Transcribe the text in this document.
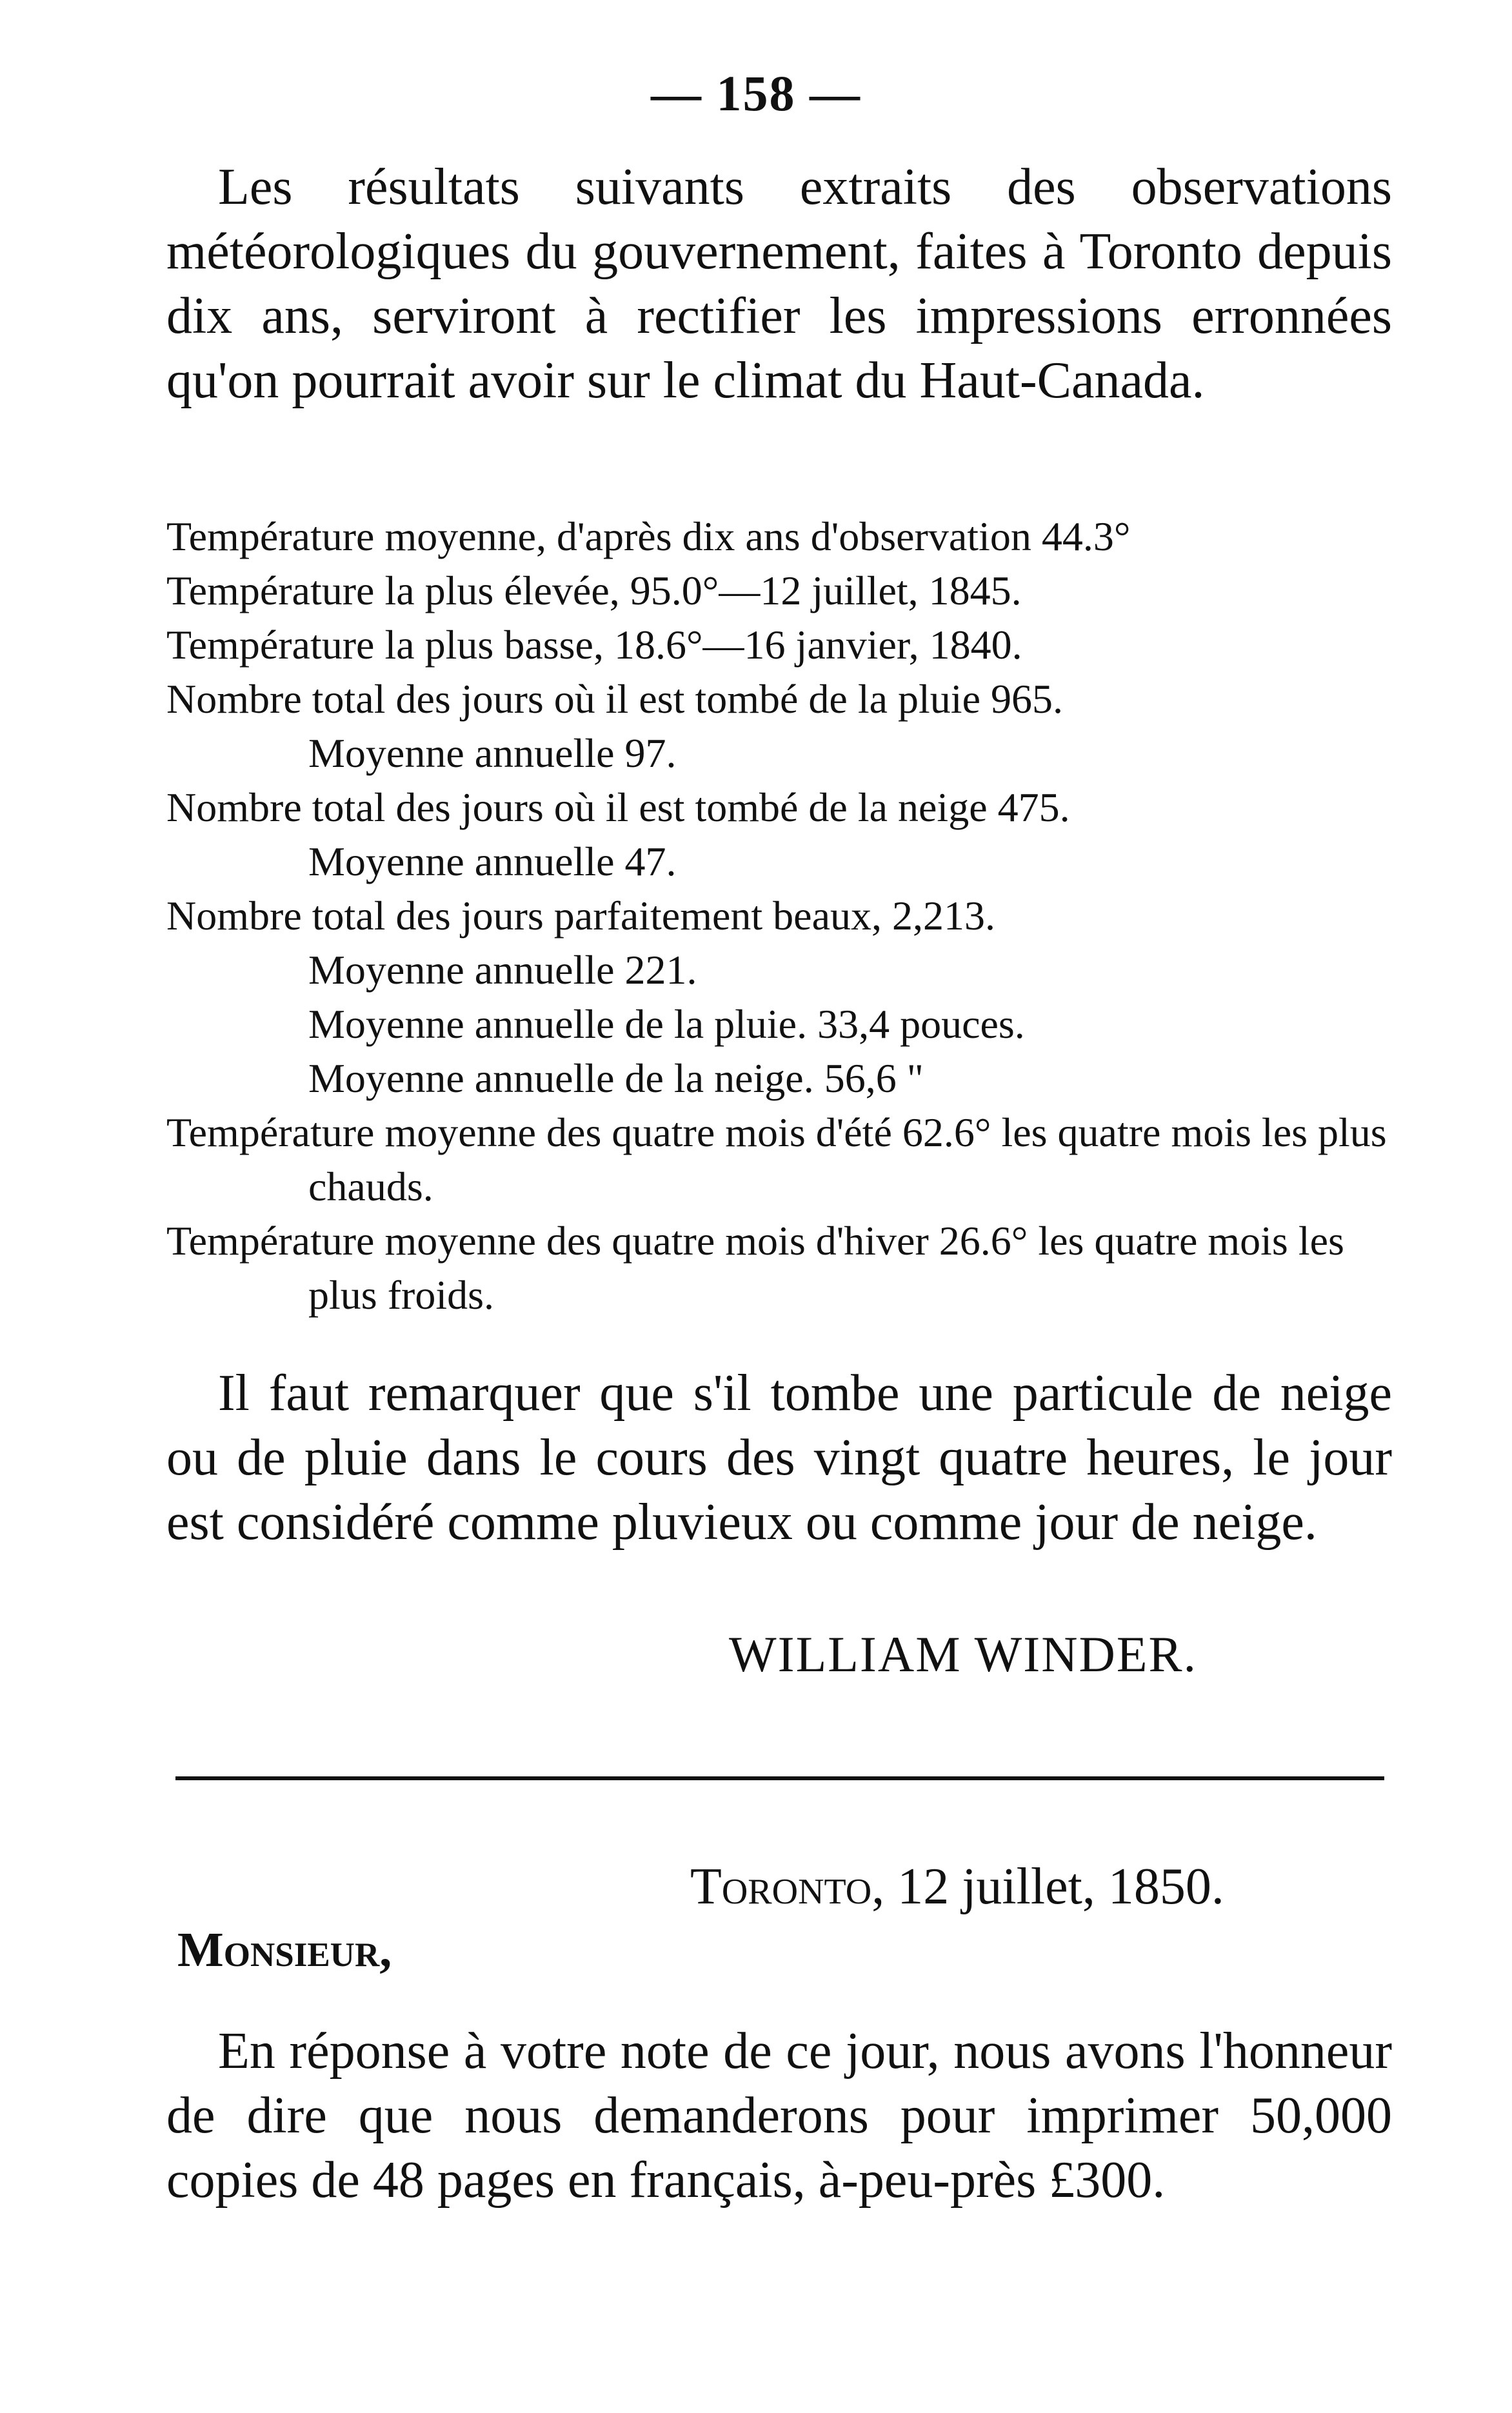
— 158 —

Les résultats suivants extraits des observations météorologiques du gouvernement, faites à Toronto depuis dix ans, serviront à rectifier les impressions erronnées qu'on pourrait avoir sur le climat du Haut-Canada.

Température moyenne, d'après dix ans d'observation 44.3°

Température la plus élevée, 95.0°—12 juillet, 1845.

Température la plus basse, 18.6°—16 janvier, 1840.

Nombre total des jours où il est tombé de la pluie 965.

Moyenne annuelle 97.

Nombre total des jours où il est tombé de la neige 475.

Moyenne annuelle 47.

Nombre total des jours parfaitement beaux, 2,213.

Moyenne annuelle 221.

Moyenne annuelle de la pluie. 33,4 pouces.

Moyenne annuelle de la neige. 56,6 "

Température moyenne des quatre mois d'été 62.6° les quatre mois les plus chauds.

Température moyenne des quatre mois d'hiver 26.6° les quatre mois les plus froids.

Il faut remarquer que s'il tombe une particule de neige ou de pluie dans le cours des vingt quatre heures, le jour est considéré comme pluvieux ou comme jour de neige.

WILLIAM WINDER.
Toronto, 12 juillet, 1850.
Monsieur,

En réponse à votre note de ce jour, nous avons l'honneur de dire que nous demanderons pour imprimer 50,000 copies de 48 pages en français, à-peu-près £300.
